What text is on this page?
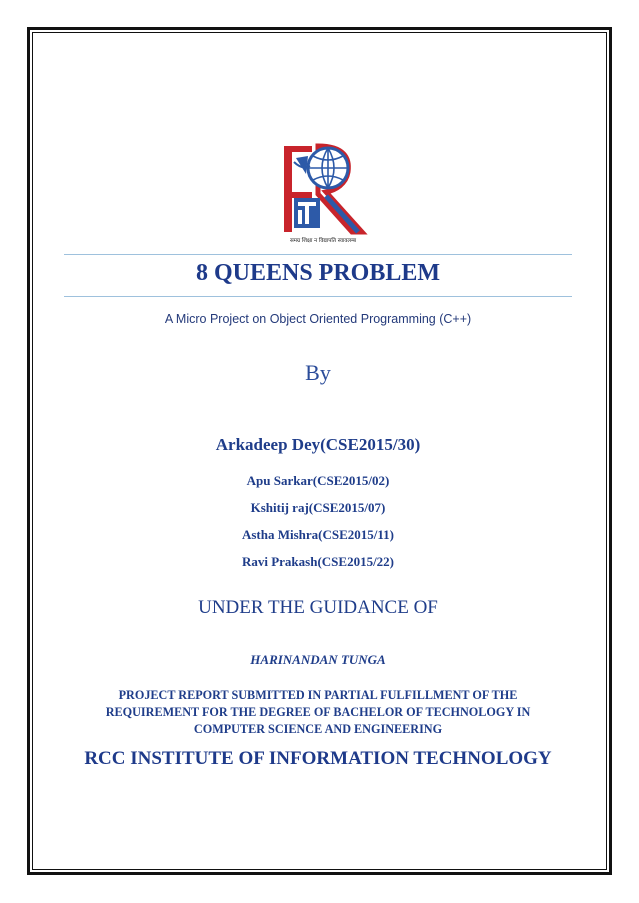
समग्र शिक्षा न विद्यापति स्वावलम्ब
8 QUEENS PROBLEM
A Micro Project on Object Oriented Programming (C++)
By
Arkadeep Dey(CSE2015/30)
Apu Sarkar(CSE2015/02)
Kshitij raj(CSE2015/07)
Astha Mishra(CSE2015/11)
Ravi Prakash(CSE2015/22)
UNDER THE GUIDANCE OF
HARINANDAN TUNGA
PROJECT REPORT SUBMITTED IN PARTIAL FULFILLMENT OF THE
REQUIREMENT FOR THE DEGREE OF BACHELOR OF TECHNOLOGY IN
COMPUTER SCIENCE AND ENGINEERING
RCC INSTITUTE OF INFORMATION TECHNOLOGY
